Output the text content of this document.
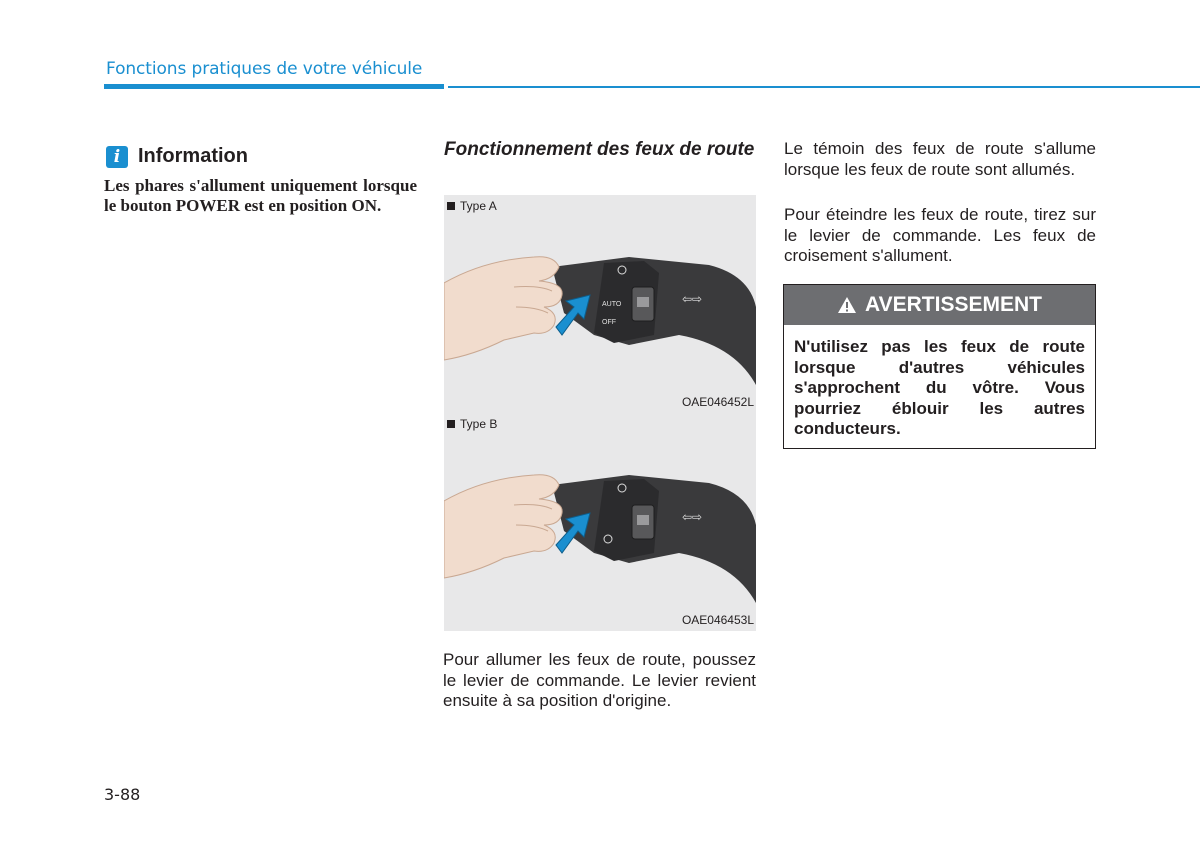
Fonctions pratiques de votre véhicule
i Information
Les phares s'allument uniquement lorsque le bouton POWER est en position ON.
Fonctionnement des feux de route
AUTO
OFF
⇦⇨
Type A
OAE046452L
⇦⇨
Type B
OAE046453L
Pour allumer les feux de route, poussez le levier de commande. Le levier revient ensuite à sa position d'origine.
Le témoin des feux de route s'allume lorsque les feux de route sont allumés.
Pour éteindre les feux de route, tirez sur le levier de commande. Les feux de croisement s'allument.
AVERTISSEMENT
N'utilisez pas les feux de route lorsque d'autres véhicules s'approchent du vôtre. Vous pourriez éblouir les autres conducteurs.
3-88
